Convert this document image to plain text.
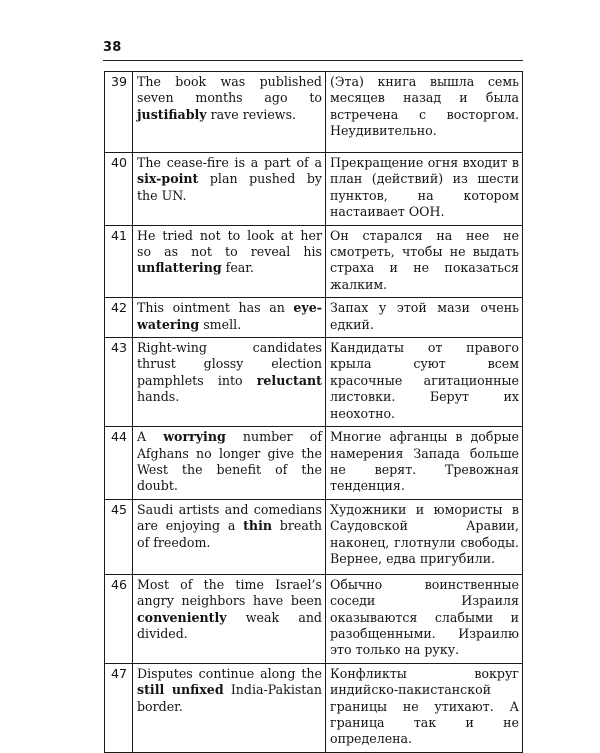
38
39	The book was published seven months ago to justifiably rave reviews.	(Эта) книга вышла семь месяцев назад и была встречена с восторгом. Неудивительно.
40	The cease-fire is a part of a six-point plan pushed by the UN.	Прекращение огня входит в план (действий) из шести пунктов, на котором настаивает ООН.
41	He tried not to look at her so as not to reveal his unflattering fear.	Он старался на нее не смотреть, чтобы не выдать страха и не показаться жалким.
42	This ointment has an eye-watering smell.	Запах у этой мази очень едкий.
43	Right-wing candidates thrust glossy election pamphlets into reluctant hands.	Кандидаты от правого крыла суют всем красочные агитационные листовки. Берут их неохотно.
44	A worrying number of Afghans no longer give the West the benefit of the doubt.	Многие афганцы в добрые намерения Запада больше не верят. Тревожная тенденция.
45	Saudi artists and comedians are enjoying a thin breath of freedom.	Художники и юмористы в Саудовской Аравии, наконец, глотнули свободы. Вернее, едва пригубили.
46	Most of the time Israel’s angry neighbors have been conveniently weak and divided.	Обычно воинственные соседи Израиля оказываются слабыми и разобщенными. Израилю это только на руку.
47	Disputes continue along the still unfixed India-Pakistan border.	Конфликты вокруг индийско-пакистанской границы не утихают. А граница так и не определена.
